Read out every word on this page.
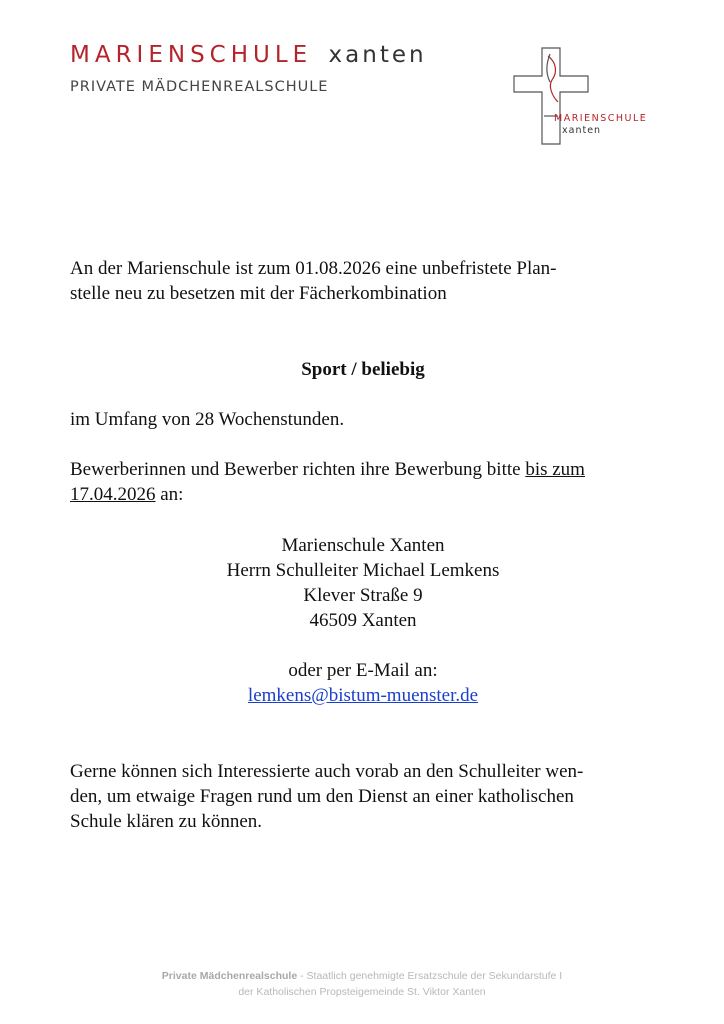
MARIENSCHULE xanten
PRIVATE MÄDCHENREALSCHULE
MARIENSCHULE
xanten
An der Marienschule ist zum 01.08.2026 eine unbefristete Plan-
stelle neu zu besetzen mit der Fächerkombination
Sport / beliebig
im Umfang von 28 Wochenstunden.
Bewerberinnen und Bewerber richten ihre Bewerbung bitte bis zum
17.04.2026 an:
Marienschule Xanten
Herrn Schulleiter Michael Lemkens
Klever Straße 9
46509 Xanten
oder per E-Mail an:
lemkens@bistum-muenster.de
Gerne können sich Interessierte auch vorab an den Schulleiter wen-
den, um etwaige Fragen rund um den Dienst an einer katholischen
Schule klären zu können.
Private Mädchenrealschule - Staatlich genehmigte Ersatzschule der Sekundarstufe I
der Katholischen Propsteigemeinde St. Viktor Xanten
